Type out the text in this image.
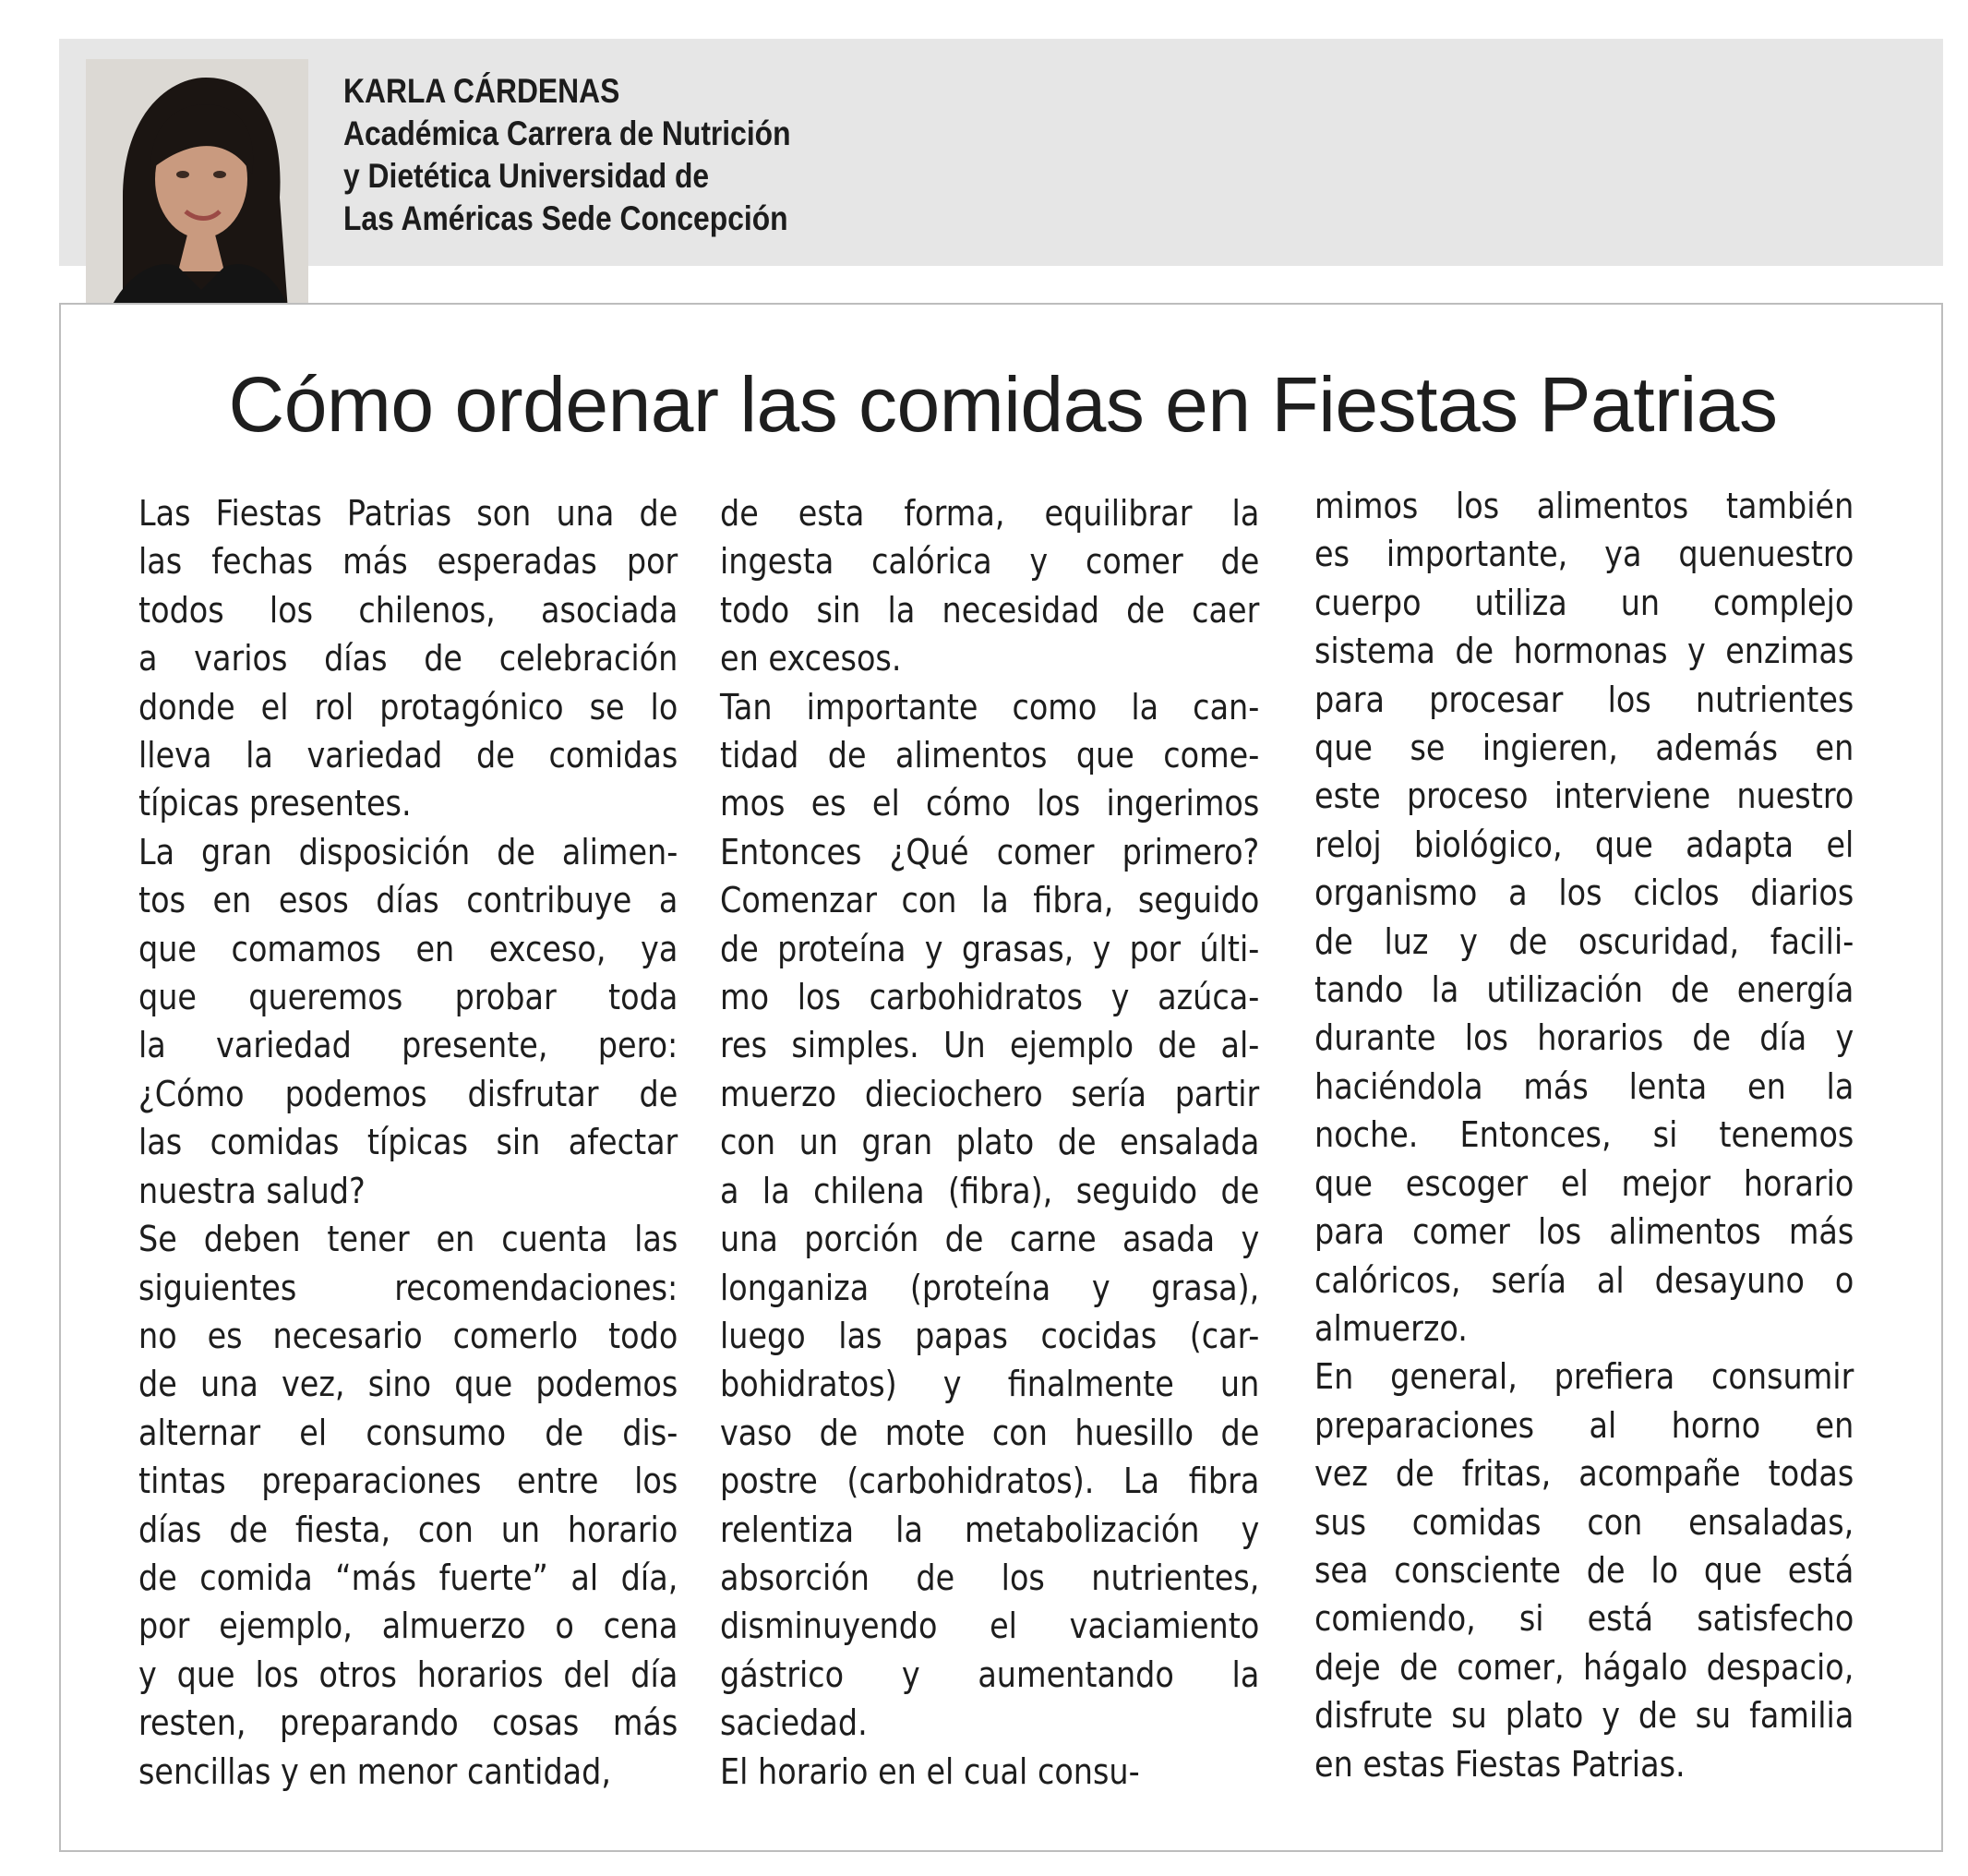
KARLA CÁRDENAS
Académica Carrera de Nutrición
y Dietética Universidad de
Las Américas Sede Concepción
Cómo ordenar las comidas en Fiestas Patrias
Las Fiestas Patrias son una de
las fechas más esperadas por
todos los chilenos, asociada
a varios días de celebración
donde el rol protagónico se lo
lleva la variedad de comidas
típicas presentes.
La gran disposición de alimen-
tos en esos días contribuye a
que comamos en exceso, ya
que queremos probar toda
la variedad presente, pero:
¿Cómo podemos disfrutar de
las comidas típicas sin afectar
nuestra salud?
Se deben tener en cuenta las
siguientes recomendaciones:
no es necesario comerlo todo
de una vez, sino que podemos
alternar el consumo de dis-
tintas preparaciones entre los
días de fiesta, con un horario
de comida “más fuerte” al día,
por ejemplo, almuerzo o cena
y que los otros horarios del día
resten, preparando cosas más
sencillas y en menor cantidad,
de esta forma, equilibrar la
ingesta calórica y comer de
todo sin la necesidad de caer
en excesos.
Tan importante como la can-
tidad de alimentos que come-
mos es el cómo los ingerimos
Entonces ¿Qué comer primero?
Comenzar con la fibra, seguido
de proteína y grasas, y por últi-
mo los carbohidratos y azúca-
res simples. Un ejemplo de al-
muerzo dieciochero sería partir
con un gran plato de ensalada
a la chilena (fibra), seguido de
una porción de carne asada y
longaniza (proteína y grasa),
luego las papas cocidas (car-
bohidratos) y finalmente un
vaso de mote con huesillo de
postre (carbohidratos). La fibra
relentiza la metabolización y
absorción de los nutrientes,
disminuyendo el vaciamiento
gástrico y aumentando la
saciedad.
El horario en el cual consu-
mimos los alimentos también
es importante, ya quenuestro
cuerpo utiliza un complejo
sistema de hormonas y enzimas
para procesar los nutrientes
que se ingieren, además en
este proceso interviene nuestro
reloj biológico, que adapta el
organismo a los ciclos diarios
de luz y de oscuridad, facili-
tando la utilización de energía
durante los horarios de día y
haciéndola más lenta en la
noche. Entonces, si tenemos
que escoger el mejor horario
para comer los alimentos más
calóricos, sería al desayuno o
almuerzo.
En general, prefiera consumir
preparaciones al horno en
vez de fritas, acompañe todas
sus comidas con ensaladas,
sea consciente de lo que está
comiendo, si está satisfecho
deje de comer, hágalo despacio,
disfrute su plato y de su familia
en estas Fiestas Patrias.
